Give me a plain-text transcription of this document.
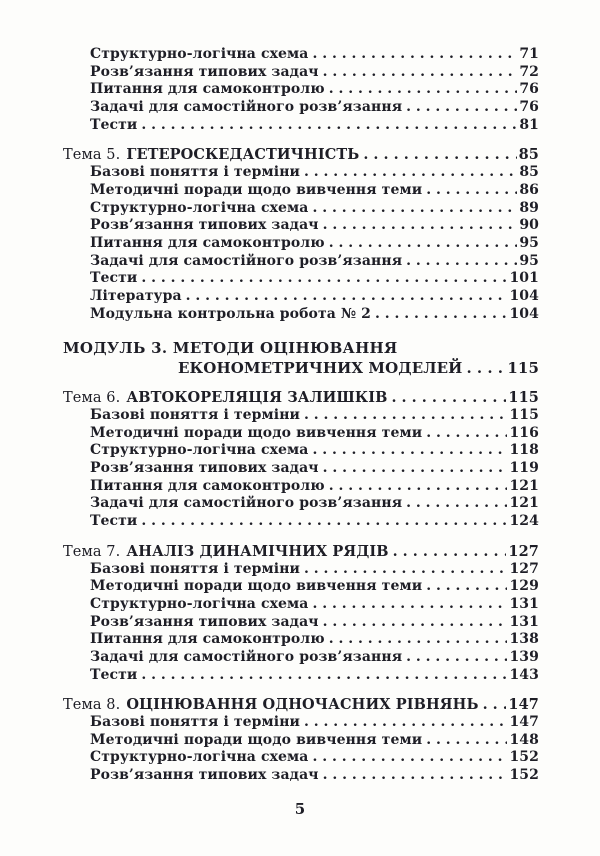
Структурно-логічна схема . . .	71
Розв’язання типових задач . . .	72
Питання для самоконтролю . . .	76
Задачі для самостійного розв’язання . . .	76
Тести . . .	81
Тема 5. ГЕТЕРОСКЕДАСТИЧНІСТЬ . . .	85
Базові поняття і терміни . . .	85
Методичні поради щодо вивчення теми . . .	86
Структурно-логічна схема . . .	89
Розв’язання типових задач . . .	90
Питання для самоконтролю . . .	95
Задачі для самостійного розв’язання . . .	95
Тести . . .	101
Література . . .	104
Модульна контрольна робота № 2 . . .	104
МОДУЛЬ 3. МЕТОДИ ОЦІНЮВАННЯ
ЕКОНОМЕТРИЧНИХ МОДЕЛЕЙ . . .	115
Тема 6. АВТОКОРЕЛЯЦІЯ ЗАЛИШКІВ . . .	115
Базові поняття і терміни . . .	115
Методичні поради щодо вивчення теми . . .	116
Структурно-логічна схема . . .	118
Розв’язання типових задач . . .	119
Питання для самоконтролю . . .	121
Задачі для самостійного розв’язання . . .	121
Тести . . .	124
Тема 7. АНАЛІЗ ДИНАМІЧНИХ РЯДІВ . . .	127
Базові поняття і терміни . . .	127
Методичні поради щодо вивчення теми . . .	129
Структурно-логічна схема . . .	131
Розв’язання типових задач . . .	131
Питання для самоконтролю . . .	138
Задачі для самостійного розв’язання . . .	139
Тести . . .	143
Тема 8. ОЦІНЮВАННЯ ОДНОЧАСНИХ РІВНЯНЬ . . . 147
Базові поняття і терміни . . .	147
Методичні поради щодо вивчення теми . . .	148
Структурно-логічна схема . . .	152
Розв’язання типових задач . . .	152
5
